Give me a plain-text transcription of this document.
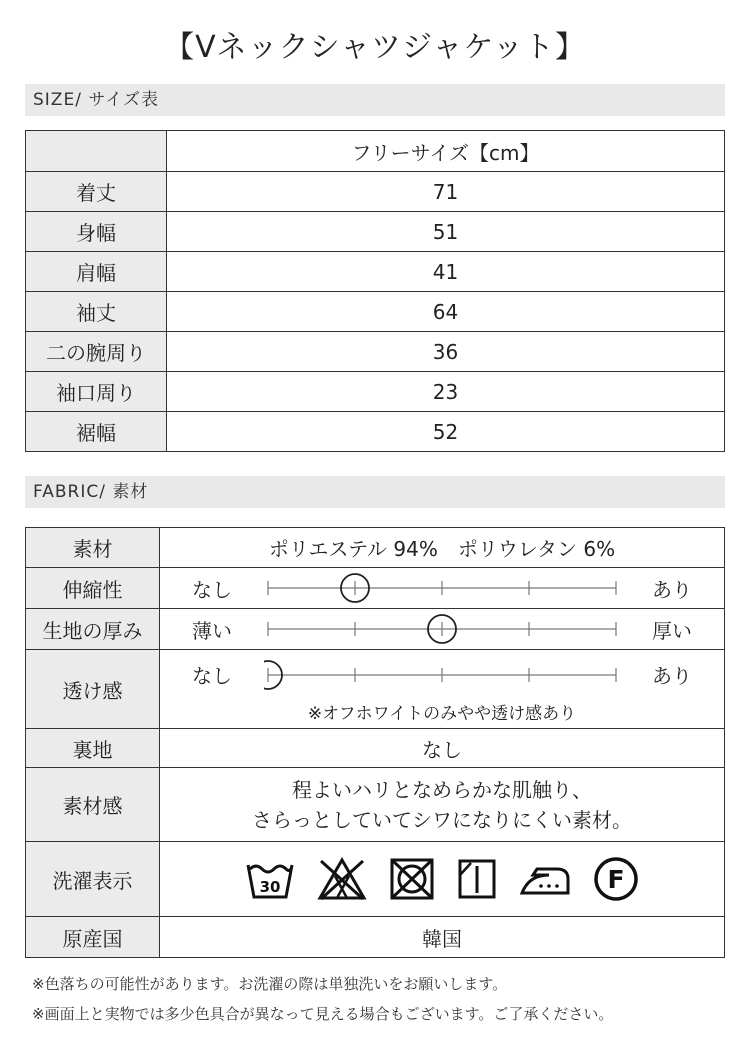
【Vネックシャツジャケット】
SIZE/ サイズ表
	フリーサイズ【cm】
着丈	71
身幅	51
肩幅	41
袖丈	64
二の腕周り	36
袖口周り	23
裾幅	52
FABRIC/ 素材
素材	ポリエステル 94%　ポリウレタン 6%
伸縮性	なし あり

生地の厚み	薄い 厚い

透け感	なし あり
※オフホワイトのみやや透け感あり

裏地	なし
素材感	程よいハリとなめらかな肌触り、
さらっとしていてシワになりにくい素材。

洗濯表示	30 F

原産国	韓国
※色落ちの可能性があります。お洗濯の際は単独洗いをお願いします。
※画面上と実物では多少色具合が異なって見える場合もございます。ご了承ください。
